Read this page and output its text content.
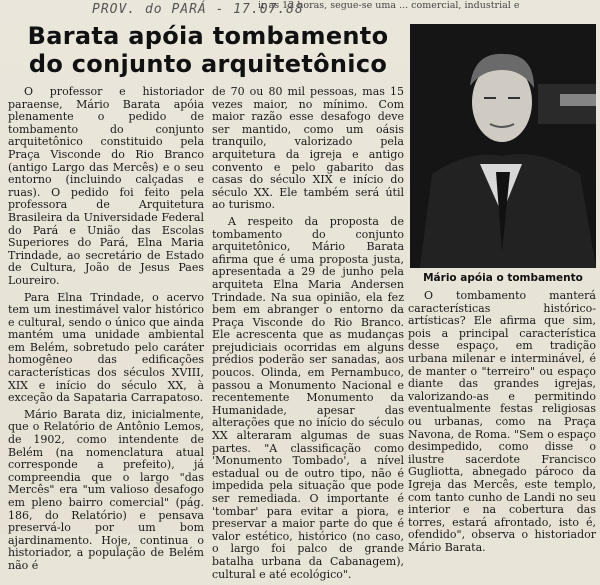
PROV. do PARÁ - 17.07.88
ir as 12 horas, segue-se uma ... comercial, industrial e
Barata apóia tombamento
do conjunto arquitetônico

O professor e historiador paraense, Mário Barata apóia plenamente o pedido de tombamento do conjunto arquitetônico constituido pela Praça Visconde do Rio Branco (antigo Largo das Mercês) e o seu entorno (incluindo calçadas e ruas). O pedido foi feito pela professora de Arquitetura Brasileira da Universidade Federal do Pará e União das Escolas Superiores do Pará, Elna Maria Trindade, ao secretário de Estado de Cultura, João de Jesus Paes Loureiro.

Para Elna Trindade, o acervo tem um inestimável valor histórico e cultural, sendo o único que ainda mantém uma unidade ambiental em Belém, sobretudo pelo caráter homogêneo das edificações características dos séculos XVIII, XIX e início do século XX, à exceção da Sapataria Carrapatoso.

Mário Barata diz, inicialmente, que o Relatório de Antônio Lemos, de 1902, como intendente de Belém (na nomenclatura atual corresponde a prefeito), já compreendia que o largo "das Mercês" era "um valioso desafogo em pleno bairro comercial" (pág. 186, do Relatório) e pensava preservá-lo por um bom ajardinamento. Hoje, continua o historiador, a população de Belém não é

de 70 ou 80 mil pessoas, mas 15 vezes maior, no mínimo. Com maior razão esse desafogo deve ser mantido, como um oásis tranquilo, valorizado pela arquitetura da igreja e antigo convento e pelo gabarito das casas do século XIX e início do século XX. Ele também será útil ao turismo.

A respeito da proposta de tombamento do conjunto arquitetônico, Mário Barata afirma que é uma proposta justa, apresentada a 29 de junho pela arquiteta Elna Maria Andersen Trindade. Na sua opinião, ela fez bem em abranger o entorno da Praça Visconde do Rio Branco. Ele acrescenta que as mudanças prejudiciais ocorridas em alguns prédios poderão ser sanadas, aos poucos. Olinda, em Pernambuco, passou a Monumento Nacional e recentemente Monumento da Humanidade, apesar das alterações que no início do século XX alteraram algumas de suas partes. "A classificação como 'Monumento Tombado', a nível estadual ou de outro tipo, não é impedida pela situação que pode ser remediada. O importante é 'tombar' para evitar a piora, e preservar a maior parte do que é valor estético, histórico (no caso, o largo foi palco de grande batalha urbana da Cabanagem), cultural e até ecológico".

Mário apóia o tombamento

O tombamento manterá características histórico-artísticas? Ele afirma que sim, pois a principal característica desse espaço, em tradição urbana milenar e interminável, é de manter o "terreiro" ou espaço diante das grandes igrejas, valorizando-as e permitindo eventualmente festas religiosas ou urbanas, como na Praça Navona, de Roma. "Sem o espaço desimpedido, como disse o ilustre sacerdote Francisco Gugliotta, abnegado pároco da Igreja das Mercês, este templo, com tanto cunho de Landi no seu interior e na cobertura das torres, estará afrontado, isto é, ofendido", observa o historiador Mário Barata.
